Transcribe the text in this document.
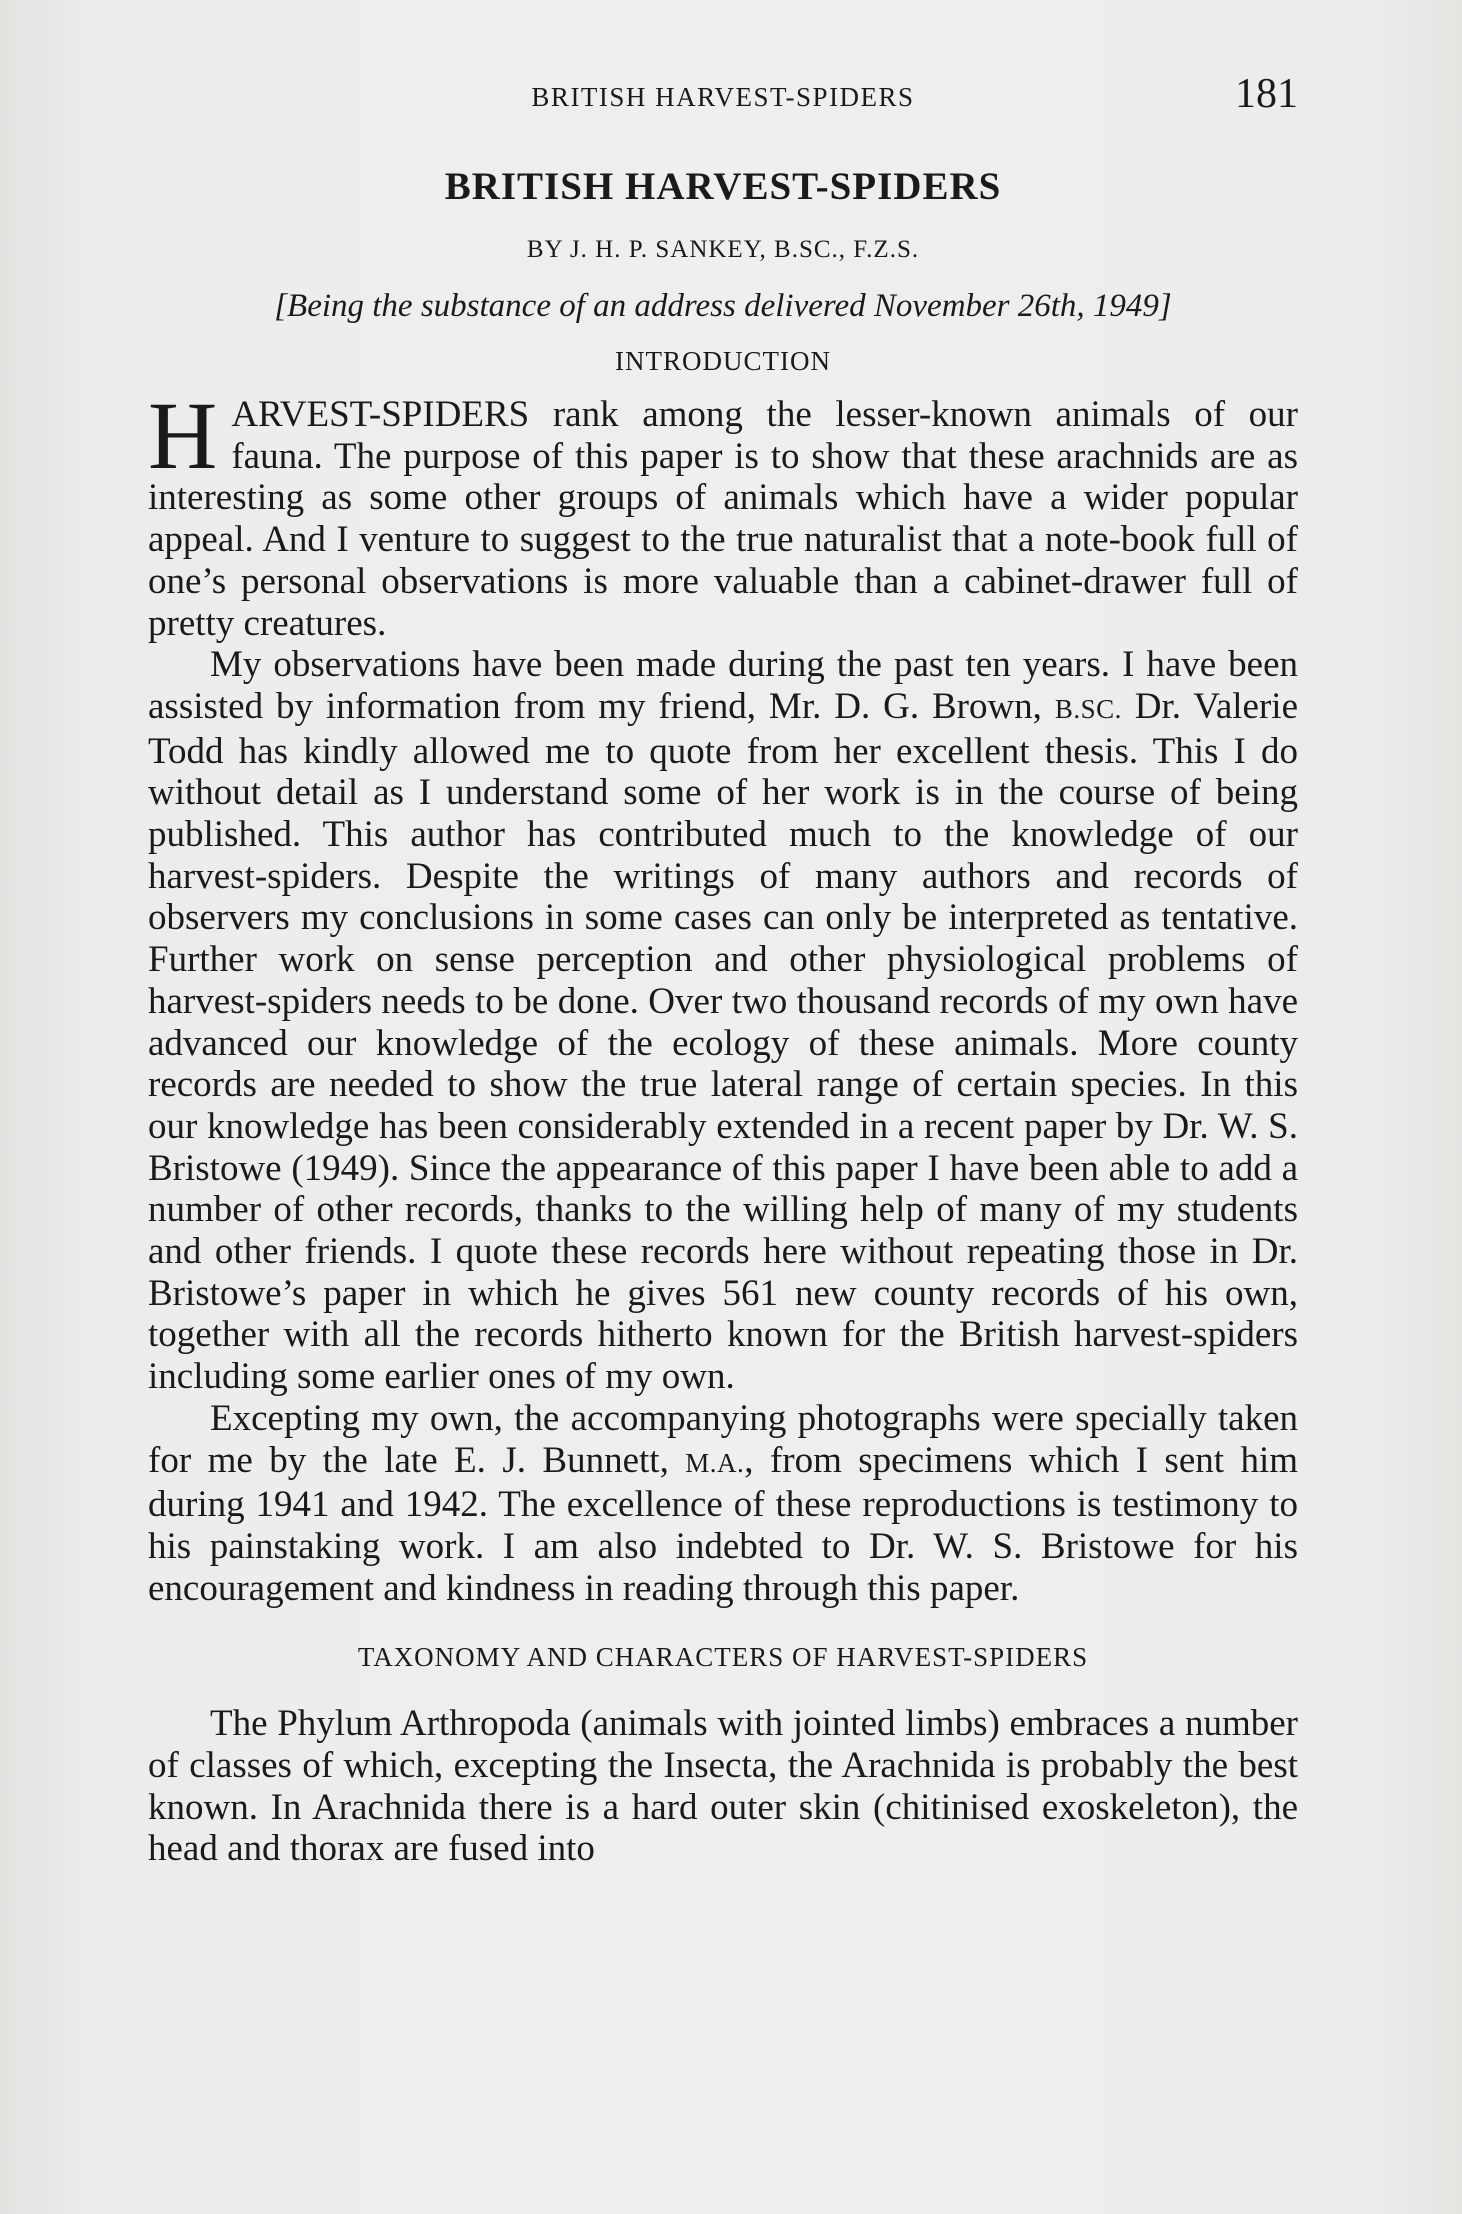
BRITISH HARVEST-SPIDERS	181
BRITISH HARVEST-SPIDERS
BY J. H. P. SANKEY, B.SC., F.Z.S.
[Being the substance of an address delivered November 26th, 1949]
INTRODUCTION

HARVEST-SPIDERS rank among the lesser-known animals of our fauna. The purpose of this paper is to show that these arachnids are as interesting as some other groups of animals which have a wider popular appeal. And I venture to suggest to the true naturalist that a note-book full of one’s personal observations is more valuable than a cabinet-drawer full of pretty creatures.

My observations have been made during the past ten years. I have been assisted by information from my friend, Mr. D. G. Brown, B.SC. Dr. Valerie Todd has kindly allowed me to quote from her excellent thesis. This I do without detail as I understand some of her work is in the course of being published. This author has contributed much to the knowledge of our harvest-spiders. Despite the writings of many authors and records of observers my conclusions in some cases can only be interpreted as tentative. Further work on sense perception and other physiological problems of harvest-spiders needs to be done. Over two thousand records of my own have advanced our knowledge of the ecology of these animals. More county records are needed to show the true lateral range of certain species. In this our knowledge has been considerably extended in a recent paper by Dr. W. S. Bristowe (1949). Since the appearance of this paper I have been able to add a number of other records, thanks to the willing help of many of my students and other friends. I quote these records here without repeating those in Dr. Bristowe’s paper in which he gives 561 new county records of his own, together with all the records hitherto known for the British harvest-spiders including some earlier ones of my own.

Excepting my own, the accompanying photographs were specially taken for me by the late E. J. Bunnett, M.A., from specimens which I sent him during 1941 and 1942. The excellence of these reproductions is testimony to his painstaking work. I am also indebted to Dr. W. S. Bristowe for his encouragement and kindness in reading through this paper.

TAXONOMY AND CHARACTERS OF HARVEST-SPIDERS

The Phylum Arthropoda (animals with jointed limbs) embraces a number of classes of which, excepting the Insecta, the Arachnida is probably the best known. In Arachnida there is a hard outer skin (chitinised exoskeleton), the head and thorax are fused into
